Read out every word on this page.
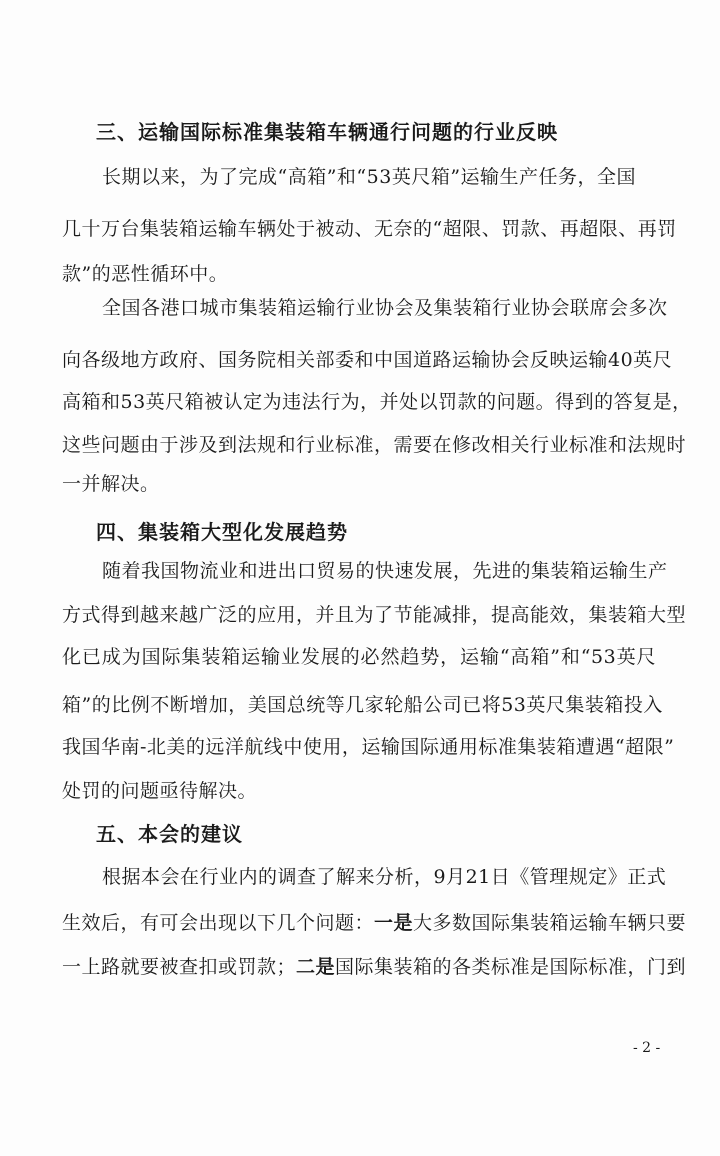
三、运输国际标准集装箱车辆通行问题的行业反映
长期以来，为了完成“高箱”和“53英尺箱”运输生产任务，全国
几十万台集装箱运输车辆处于被动、无奈的“超限、罚款、再超限、再罚
款”的恶性循环中。
全国各港口城市集装箱运输行业协会及集装箱行业协会联席会多次
向各级地方政府、国务院相关部委和中国道路运输协会反映运输40英尺
高箱和53英尺箱被认定为违法行为，并处以罚款的问题。得到的答复是，
这些问题由于涉及到法规和行业标准，需要在修改相关行业标准和法规时
一并解决。
四、集装箱大型化发展趋势
随着我国物流业和进出口贸易的快速发展，先进的集装箱运输生产
方式得到越来越广泛的应用，并且为了节能减排，提高能效，集装箱大型
化已成为国际集装箱运输业发展的必然趋势，运输“高箱”和“53英尺
箱”的比例不断增加，美国总统等几家轮船公司已将53英尺集装箱投入
我国华南-北美的远洋航线中使用，运输国际通用标准集装箱遭遇“超限”
处罚的问题亟待解决。
五、本会的建议
根据本会在行业内的调查了解来分析，9月21日《管理规定》正式
生效后，有可会出现以下几个问题：一是大多数国际集装箱运输车辆只要
一上路就要被查扣或罚款；二是国际集装箱的各类标准是国际标准，门到
- 2 -
